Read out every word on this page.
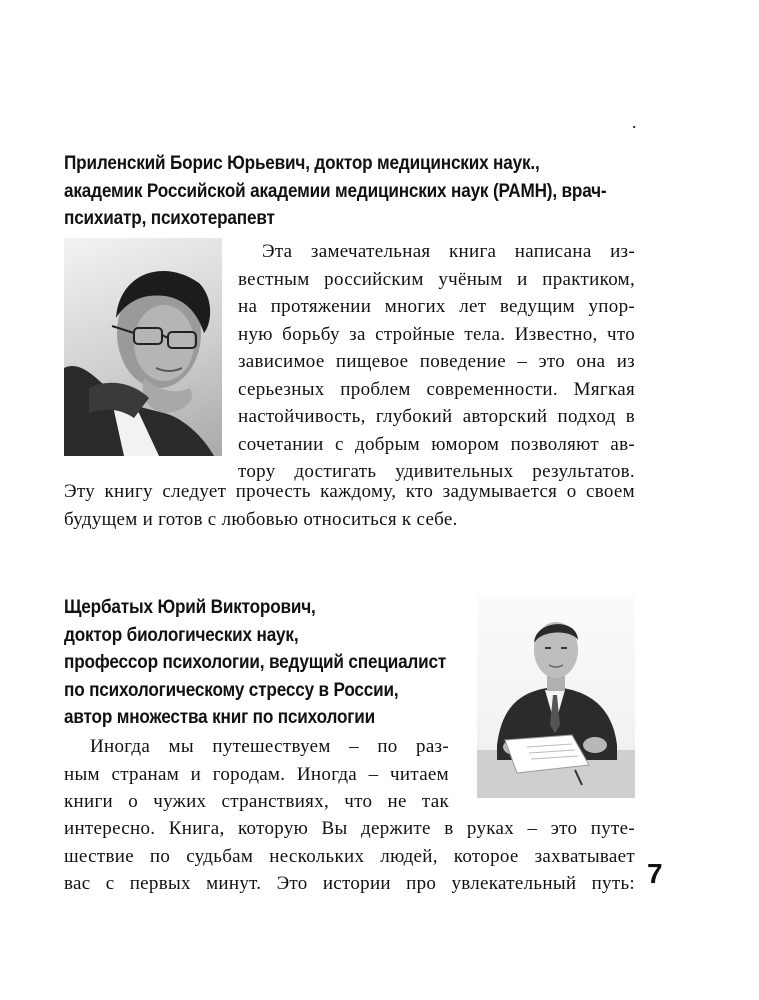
.
Приленский Борис Юрьевич, доктор медицинских наук.,
академик Российской академии медицинских наук (РАМН), врач-
психиатр, психотерапевт
Эта замечательная книга написана из-
вестным российским учёным и практиком,
на протяжении многих лет ведущим упор-
ную борьбу за стройные тела. Известно, что
зависимое пищевое поведение – это она из
серьезных проблем современности. Мягкая
настойчивость, глубокий авторский подход в
сочетании с добрым юмором позволяют ав-
тору достигать удивительных результатов.
Эту книгу следует прочесть каждому, кто задумывается о своем
будущем и готов с любовью относиться к себе.
Щербатых Юрий Викторович,
доктор биологических наук,
профессор психологии, ведущий специалист
по психологическому стрессу в России,
автор множества книг по психологии
Иногда мы путешествуем – по раз-
ным странам и городам. Иногда – читаем
книги о чужих странствиях, что не так
интересно. Книга, которую Вы держите в руках – это путе-
шествие по судьбам нескольких людей, которое захватывает
вас с первых минут. Это истории про увлекательный путь: 7
